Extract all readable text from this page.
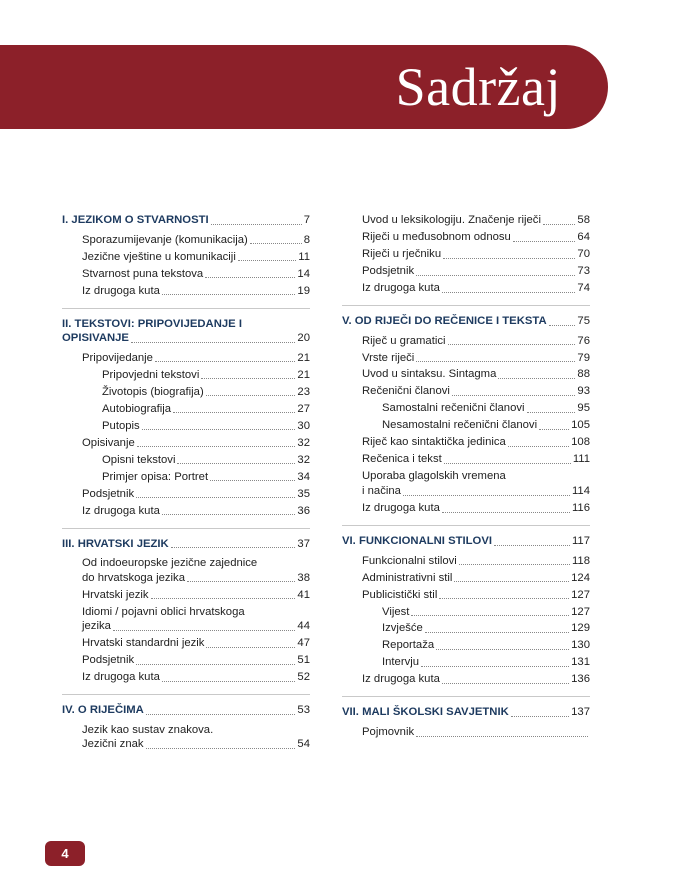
Sadržaj
I. JEZIKOM O STVARNOSTI	7
Sporazumijevanje (komunikacija)	8
Jezične vještine u komunikaciji	11
Stvarnost puna tekstova	14
Iz drugoga kuta	19
II. TEKSTOVI: PRIPOVIJEDANJE I
OPISIVANJE	20
Pripovijedanje	21
Pripovjedni tekstovi	21
Životopis (biografija)	23
Autobiografija	27
Putopis	30
Opisivanje	32
Opisni tekstovi	32
Primjer opisa: Portret	34
Podsjetnik	35
Iz drugoga kuta	36
III. HRVATSKI JEZIK	37
Od indoeuropske jezične zajednice
do hrvatskoga jezika	38
Hrvatski jezik	41
Idiomi / pojavni oblici hrvatskoga
jezika	44
Hrvatski standardni jezik	47
Podsjetnik	51
Iz drugoga kuta	52
IV. O RIJEČIMA	53
Jezik kao sustav znakova.
Jezični znak	54
Uvod u leksikologiju. Značenje riječi	58
Riječi u međusobnom odnosu	64
Riječi u rječniku	70
Podsjetnik	73
Iz drugoga kuta	74
V. OD RIJEČI DO REČENICE I TEKSTA	75
Riječ u gramatici	76
Vrste riječi	79
Uvod u sintaksu. Sintagma	88
Rečenični članovi	93
Samostalni rečenični članovi	95
Nesamostalni rečenični članovi	105
Riječ kao sintaktička jedinica	108
Rečenica i tekst	111
Uporaba glagolskih vremena
i načina	114
Iz drugoga kuta	116
VI. FUNKCIONALNI STILOVI	117
Funkcionalni stilovi	118
Administrativni stil	124
Publicistički stil	127
Vijest	127
Izvješće	129
Reportaža	130
Intervju	131
Iz drugoga kuta	136
VII. MALI ŠKOLSKI SAVJETNIK	137
Pojmovnik
4
